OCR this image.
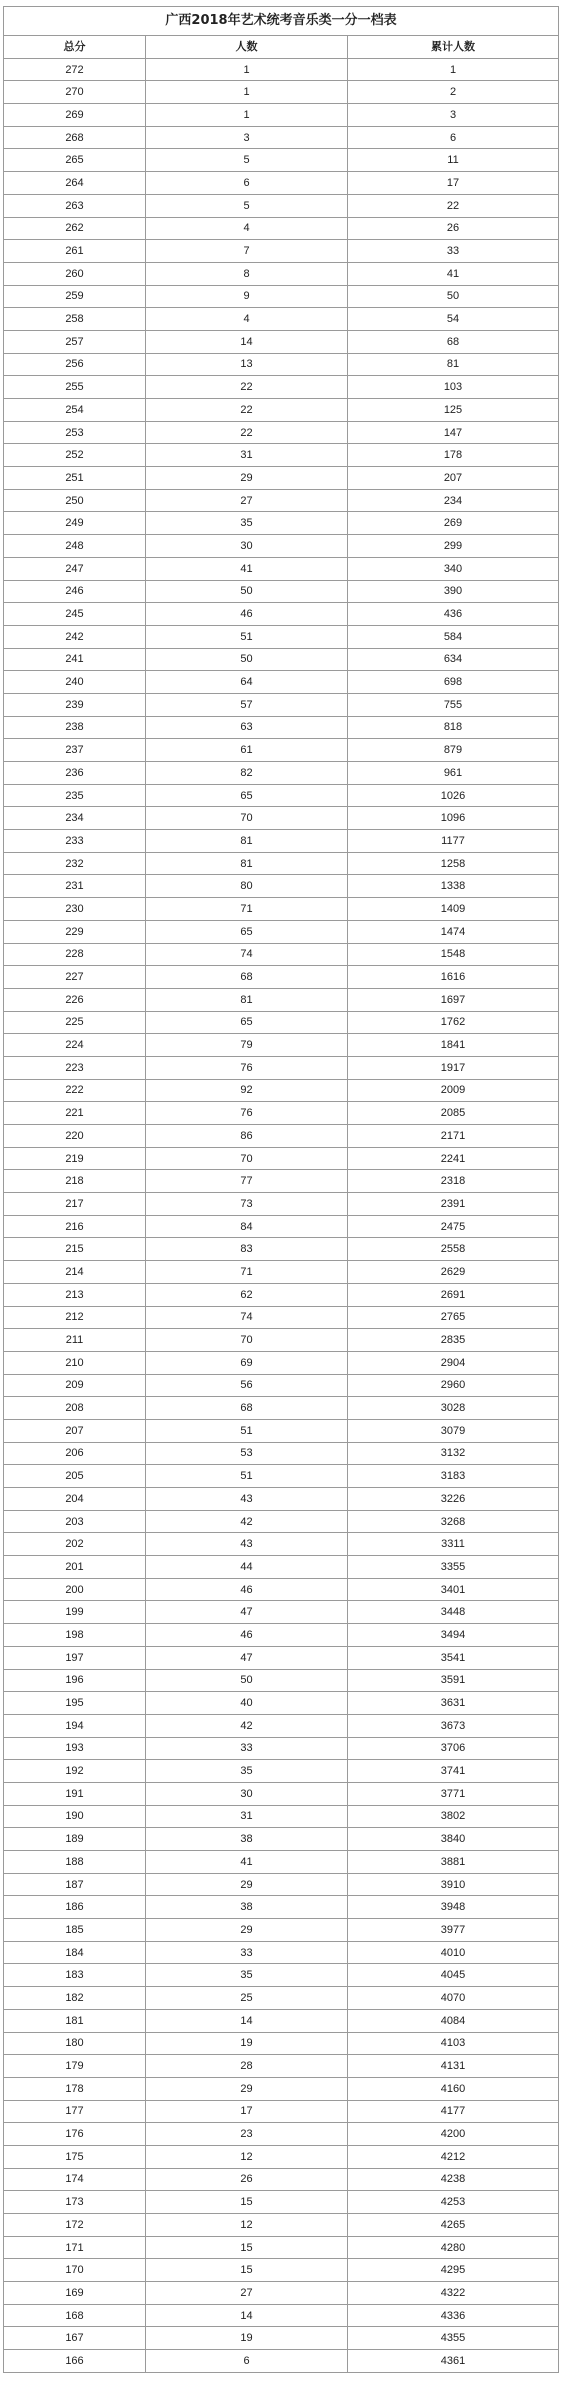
广西2018年艺术统考音乐类一分一档表
总分	人数	累计人数
272	1	1
270	1	2
269	1	3
268	3	6
265	5	11
264	6	17
263	5	22
262	4	26
261	7	33
260	8	41
259	9	50
258	4	54
257	14	68
256	13	81
255	22	103
254	22	125
253	22	147
252	31	178
251	29	207
250	27	234
249	35	269
248	30	299
247	41	340
246	50	390
245	46	436
242	51	584
241	50	634
240	64	698
239	57	755
238	63	818
237	61	879
236	82	961
235	65	1026
234	70	1096
233	81	1177
232	81	1258
231	80	1338
230	71	1409
229	65	1474
228	74	1548
227	68	1616
226	81	1697
225	65	1762
224	79	1841
223	76	1917
222	92	2009
221	76	2085
220	86	2171
219	70	2241
218	77	2318
217	73	2391
216	84	2475
215	83	2558
214	71	2629
213	62	2691
212	74	2765
211	70	2835
210	69	2904
209	56	2960
208	68	3028
207	51	3079
206	53	3132
205	51	3183
204	43	3226
203	42	3268
202	43	3311
201	44	3355
200	46	3401
199	47	3448
198	46	3494
197	47	3541
196	50	3591
195	40	3631
194	42	3673
193	33	3706
192	35	3741
191	30	3771
190	31	3802
189	38	3840
188	41	3881
187	29	3910
186	38	3948
185	29	3977
184	33	4010
183	35	4045
182	25	4070
181	14	4084
180	19	4103
179	28	4131
178	29	4160
177	17	4177
176	23	4200
175	12	4212
174	26	4238
173	15	4253
172	12	4265
171	15	4280
170	15	4295
169	27	4322
168	14	4336
167	19	4355
166	6	4361
